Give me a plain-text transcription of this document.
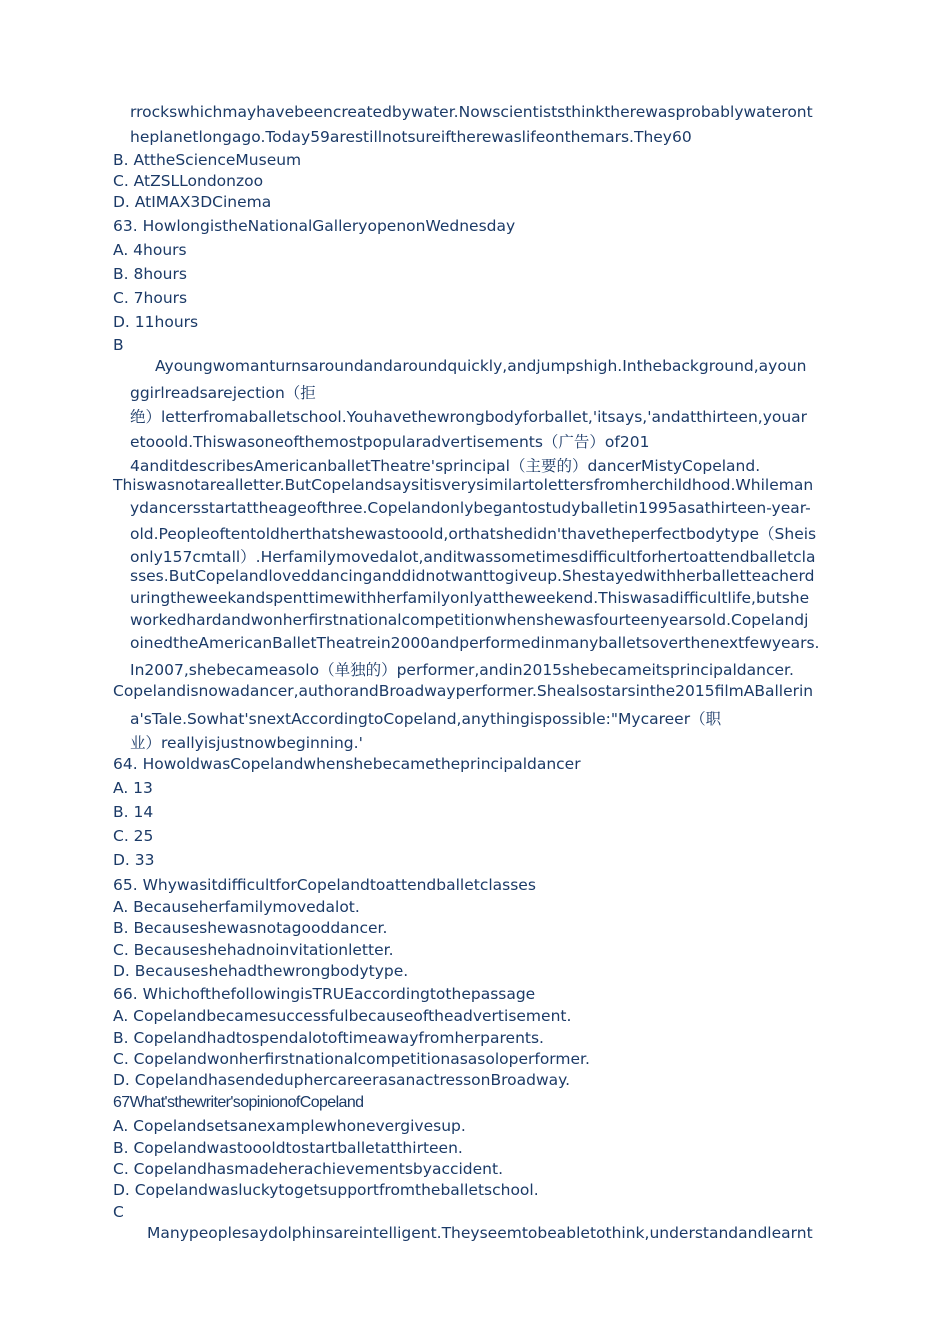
rrockswhichmayhavebeencreatedbywater.Nowscientiststhinktherewasprobablywateront
heplanetlongago.Today59arestillnotsureiftherewaslifeonthemars.They60
B. AttheScienceMuseum
C. AtZSLLondonzoo
D. AtIMAX3DCinema
63. HowlongistheNationalGalleryopenonWednesday
A. 4hours
B. 8hours
C. 7hours
D. 11hours
B
Ayoungwomanturnsaroundandaroundquickly,andjumpshigh.Inthebackground,ayoun
ggirlreadsarejection（拒
绝）letterfromaballetschool.Youhavethewrongbodyforballet,'itsays,'andatthirteen,youar
etoool​d.Thiswasoneofthemostpopularadvertisements（广告）of201
4anditdescribesAmericanballetTheatre'sprincipal（主要的）dancerMistyCopeland.
Thiswasnotarealletter.ButCopelandsaysitisverysimilartolettersfromherchildhood.Whileman
ydancersstartattheageofthree.Copelandonlybegantostudyballetin1995asathirteen-year-
old.Peopleoftentoldherthatshewastooold,orthatshedidn'thavetheperfectbodytype（Sheis
only157cmtall）.Herfamilymovedalot,anditwassometimesdifficultforhertoattendballetcla
sses.ButCopelandloveddancinganddidnotwanttogiveup.Shestayedwithherballetteacherd
uringtheweekandspenttimewithherfamilyonlyattheweekend.Thiswasadifficultlife,butshe
workedhardandwonherfirstnationalcompetitionwhenshewasfourteenyearsold.Copelandj
oinedtheAmericanBalletTheatrein2000andperformedinmanyballetsoverthenextfewyears.
In2007,shebecameasolo（单独的）performer,andin2015shebecameitsprincipaldancer.
Copelandisnowadancer,authorandBroadwayperformer.Shealsostarsinthe2015filmABallerin
a'sTale.Sowhat'snextAccordingtoCopeland,anythingispossible:"Mycareer（职
业）reallyisjustnowbeginning.'
64. HowoldwasCopelandwhenshebecametheprincipaldancer
A. 13
B. 14
C. 25
D. 33
65. WhywasitdifficultforCopelandtoattendballetclasses
A. Becauseherfamilymovedalot.
B. Becauseshewasnotagooddancer.
C. Becauseshehadnoinvitationletter.
D. Becauseshehadthewrongbodytype.
66. WhichofthefollowingisTRUEaccordingtothepassage
A. Copelandbecamesuccessfulbecauseoftheadvertisement.
B. Copelandhadtospendalotoftimeawayfromherparents.
C. Copelandwonherfirstnationalcompetitionasasoloperformer.
D. CopelandhasendeduphercareerasanactressonBroadway.
67What'sthewriter'sopinionofCopeland
A. Copelandsetsanexamplewhonevergivesup.
B. Copelandwastoooldtostartballetatthirteen.
C. Copelandhasmadeherachievementsbyaccident.
D. Copelandwasluckytogetsupportfromtheballetschool.
C
Manypeoplesaydolphinsareintelligent.Theyseemtobeabletothink,understandandlearnt
